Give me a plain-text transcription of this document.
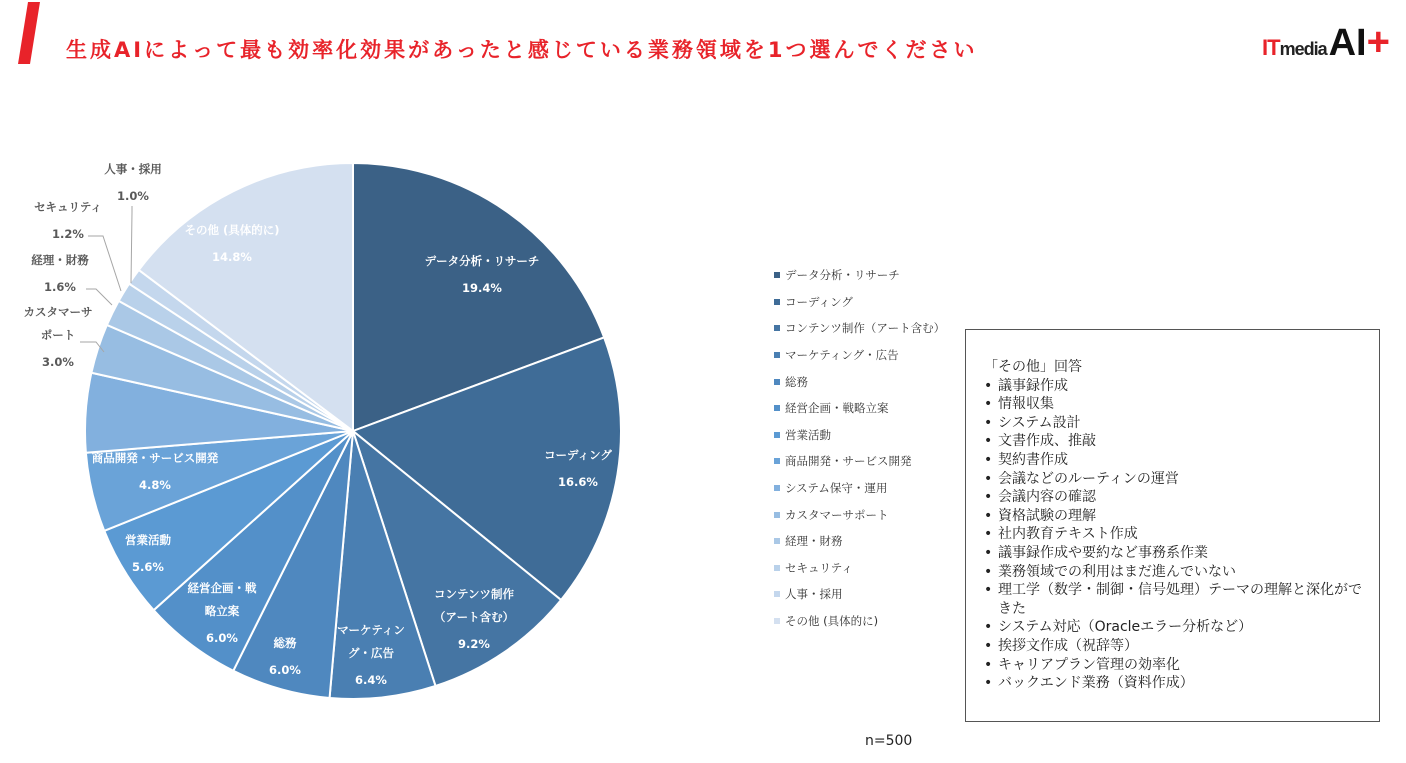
生成AIによって最も効率化効果があったと感じている業務領域を1つ選んでください	IT media AI +
データ分析・リサーチ
19.4%
コーディング
16.6%
コンテンツ制作
（アート含む）
9.2%
マーケティン
グ・広告
6.4%
総務
6.0%
経営企画・戦
略立案
6.0%
営業活動
5.6%
商品開発・サービス開発
4.8%
カスタマーサ
ポート
3.0%
経理・財務
1.6%
セキュリティ
1.2%
人事・採用
1.0%
その他 (具体的に)
14.8%
データ分析・リサーチ
コーディング
コンテンツ制作（アート含む）
マーケティング・広告
総務
経営企画・戦略立案
営業活動
商品開発・サービス開発
システム保守・運用
カスタマーサポート
経理・財務
セキュリティ
人事・採用
その他 (具体的に)
「その他」回答
• 議事録作成
• 情報収集
• システム設計
• 文書作成、推敲
• 契約書作成
• 会議などのルーティンの運営
• 会議内容の確認
• 資格試験の理解
• 社内教育テキスト作成
• 議事録作成や要約など事務系作業
• 業務領域での利用はまだ進んでいない
• 理工学（数学・制御・信号処理）テーマの理解と深化ができた
• システム対応（Oracleエラー分析など）
• 挨拶文作成（祝辞等）
• キャリアプラン管理の効率化
• バックエンド業務（資料作成）
n=500
